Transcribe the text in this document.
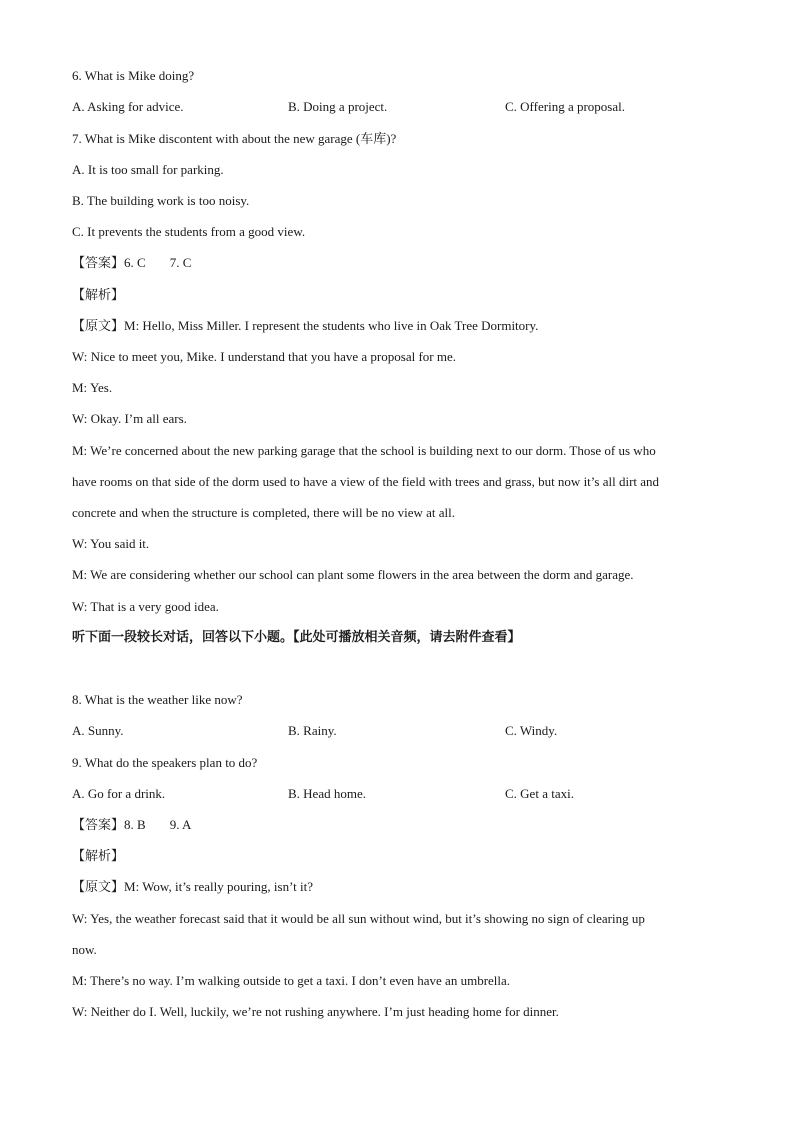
6. What is Mike doing?
A. Asking for advice.	B. Doing a project.	C. Offering a proposal.
7. What is Mike discontent with about the new garage (车库)?
A. It is too small for parking.
B. The building work is too noisy.
C. It prevents the students from a good view.
【答案】6. C 7. C
【解析】
【原文】M: Hello, Miss Miller. I represent the students who live in Oak Tree Dormitory.
W: Nice to meet you, Mike. I understand that you have a proposal for me.
M: Yes.
W: Okay. I’m all ears.
M: We’re concerned about the new parking garage that the school is building next to our dorm. Those of us who
have rooms on that side of the dorm used to have a view of the field with trees and grass, but now it’s all dirt and
concrete and when the structure is completed, there will be no view at all.
W: You said it.
M: We are considering whether our school can plant some flowers in the area between the dorm and garage.
W: That is a very good idea.
听下面一段较长对话，回答以下小题。【此处可播放相关音频，请去附件查看】
8. What is the weather like now?
A. Sunny.	B. Rainy.	C. Windy.
9. What do the speakers plan to do?
A. Go for a drink.	B. Head home.	C. Get a taxi.
【答案】8. B 9. A
【解析】
【原文】M: Wow, it’s really pouring, isn’t it?
W: Yes, the weather forecast said that it would be all sun without wind, but it’s showing no sign of clearing up
now.
M: There’s no way. I’m walking outside to get a taxi. I don’t even have an umbrella.
W: Neither do I. Well, luckily, we’re not rushing anywhere. I’m just heading home for dinner.
